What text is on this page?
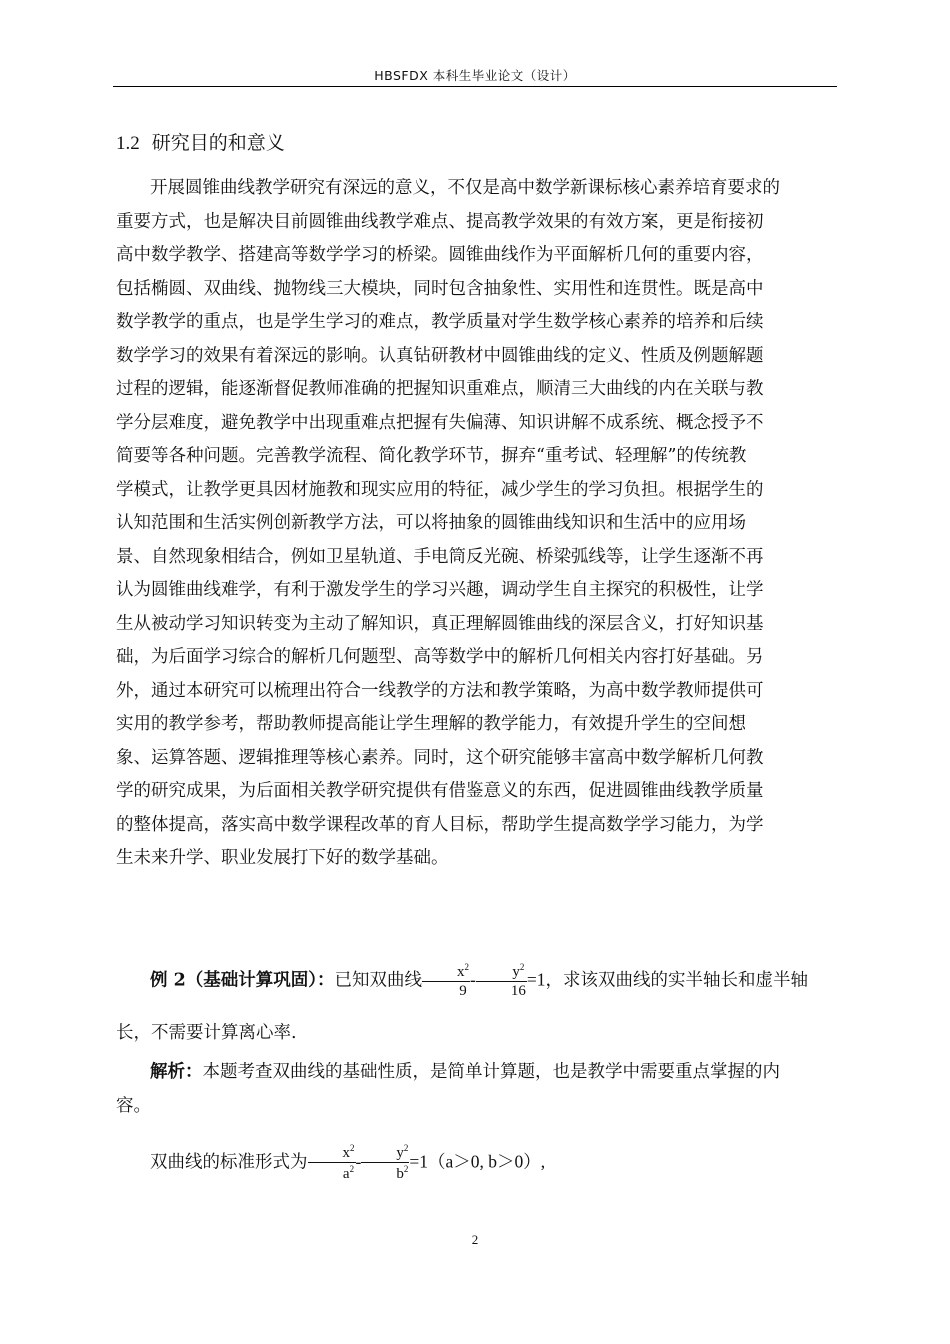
HBSFDX 本科生毕业论文（设计）
1.2 研究目的和意义
开展圆锥曲线教学研究有深远的意义，不仅是高中数学新课标核心素养培育要求的
重要方式，也是解决目前圆锥曲线教学难点、提高教学效果的有效方案，更是衔接初
高中数学教学、搭建高等数学学习的桥梁。圆锥曲线作为平面解析几何的重要内容，
包括椭圆、双曲线、抛物线三大模块，同时包含抽象性、实用性和连贯性。既是高中
数学教学的重点，也是学生学习的难点，教学质量对学生数学核心素养的培养和后续
数学学习的效果有着深远的影响。认真钻研教材中圆锥曲线的定义、性质及例题解题
过程的逻辑，能逐渐督促教师准确的把握知识重难点，顺清三大曲线的内在关联与教
学分层难度，避免教学中出现重难点把握有失偏薄、知识讲解不成系统、概念授予不
简要等各种问题。完善教学流程、简化教学环节，摒弃“重考试、轻理解”的传统教
学模式，让教学更具因材施教和现实应用的特征，减少学生的学习负担。根据学生的
认知范围和生活实例创新教学方法，可以将抽象的圆锥曲线知识和生活中的应用场
景、自然现象相结合，例如卫星轨道、手电筒反光碗、桥梁弧线等，让学生逐渐不再
认为圆锥曲线难学，有利于激发学生的学习兴趣，调动学生自主探究的积极性，让学
生从被动学习知识转变为主动了解知识，真正理解圆锥曲线的深层含义，打好知识基
础，为后面学习综合的解析几何题型、高等数学中的解析几何相关内容打好基础。另
外，通过本研究可以梳理出符合一线教学的方法和教学策略，为高中数学教师提供可
实用的教学参考，帮助教师提高能让学生理解的教学能力，有效提升学生的空间想
象、运算答题、逻辑推理等核心素养。同时，这个研究能够丰富高中数学解析几何教
学的研究成果，为后面相关教学研究提供有借鉴意义的东西，促进圆锥曲线教学质量
的整体提高，落实高中数学课程改革的育人目标，帮助学生提高数学学习能力，为学
生未来升学、职业发展打下好的数学基础。
例 2（基础计算巩固）：已知双曲线 $\frac{x^2}{9} - \frac{y^2}{16} =1$，求该双曲线的实半轴长和虚半轴
长，不需要计算离心率.
解析：本题考查双曲线的基础性质，是简单计算题，也是教学中需要重点掌握的内
容。
双曲线的标准形式为 $\frac{x^2}{a^2} - \frac{y^2}{b^2} =1(a>0$, b＞0）,
2
